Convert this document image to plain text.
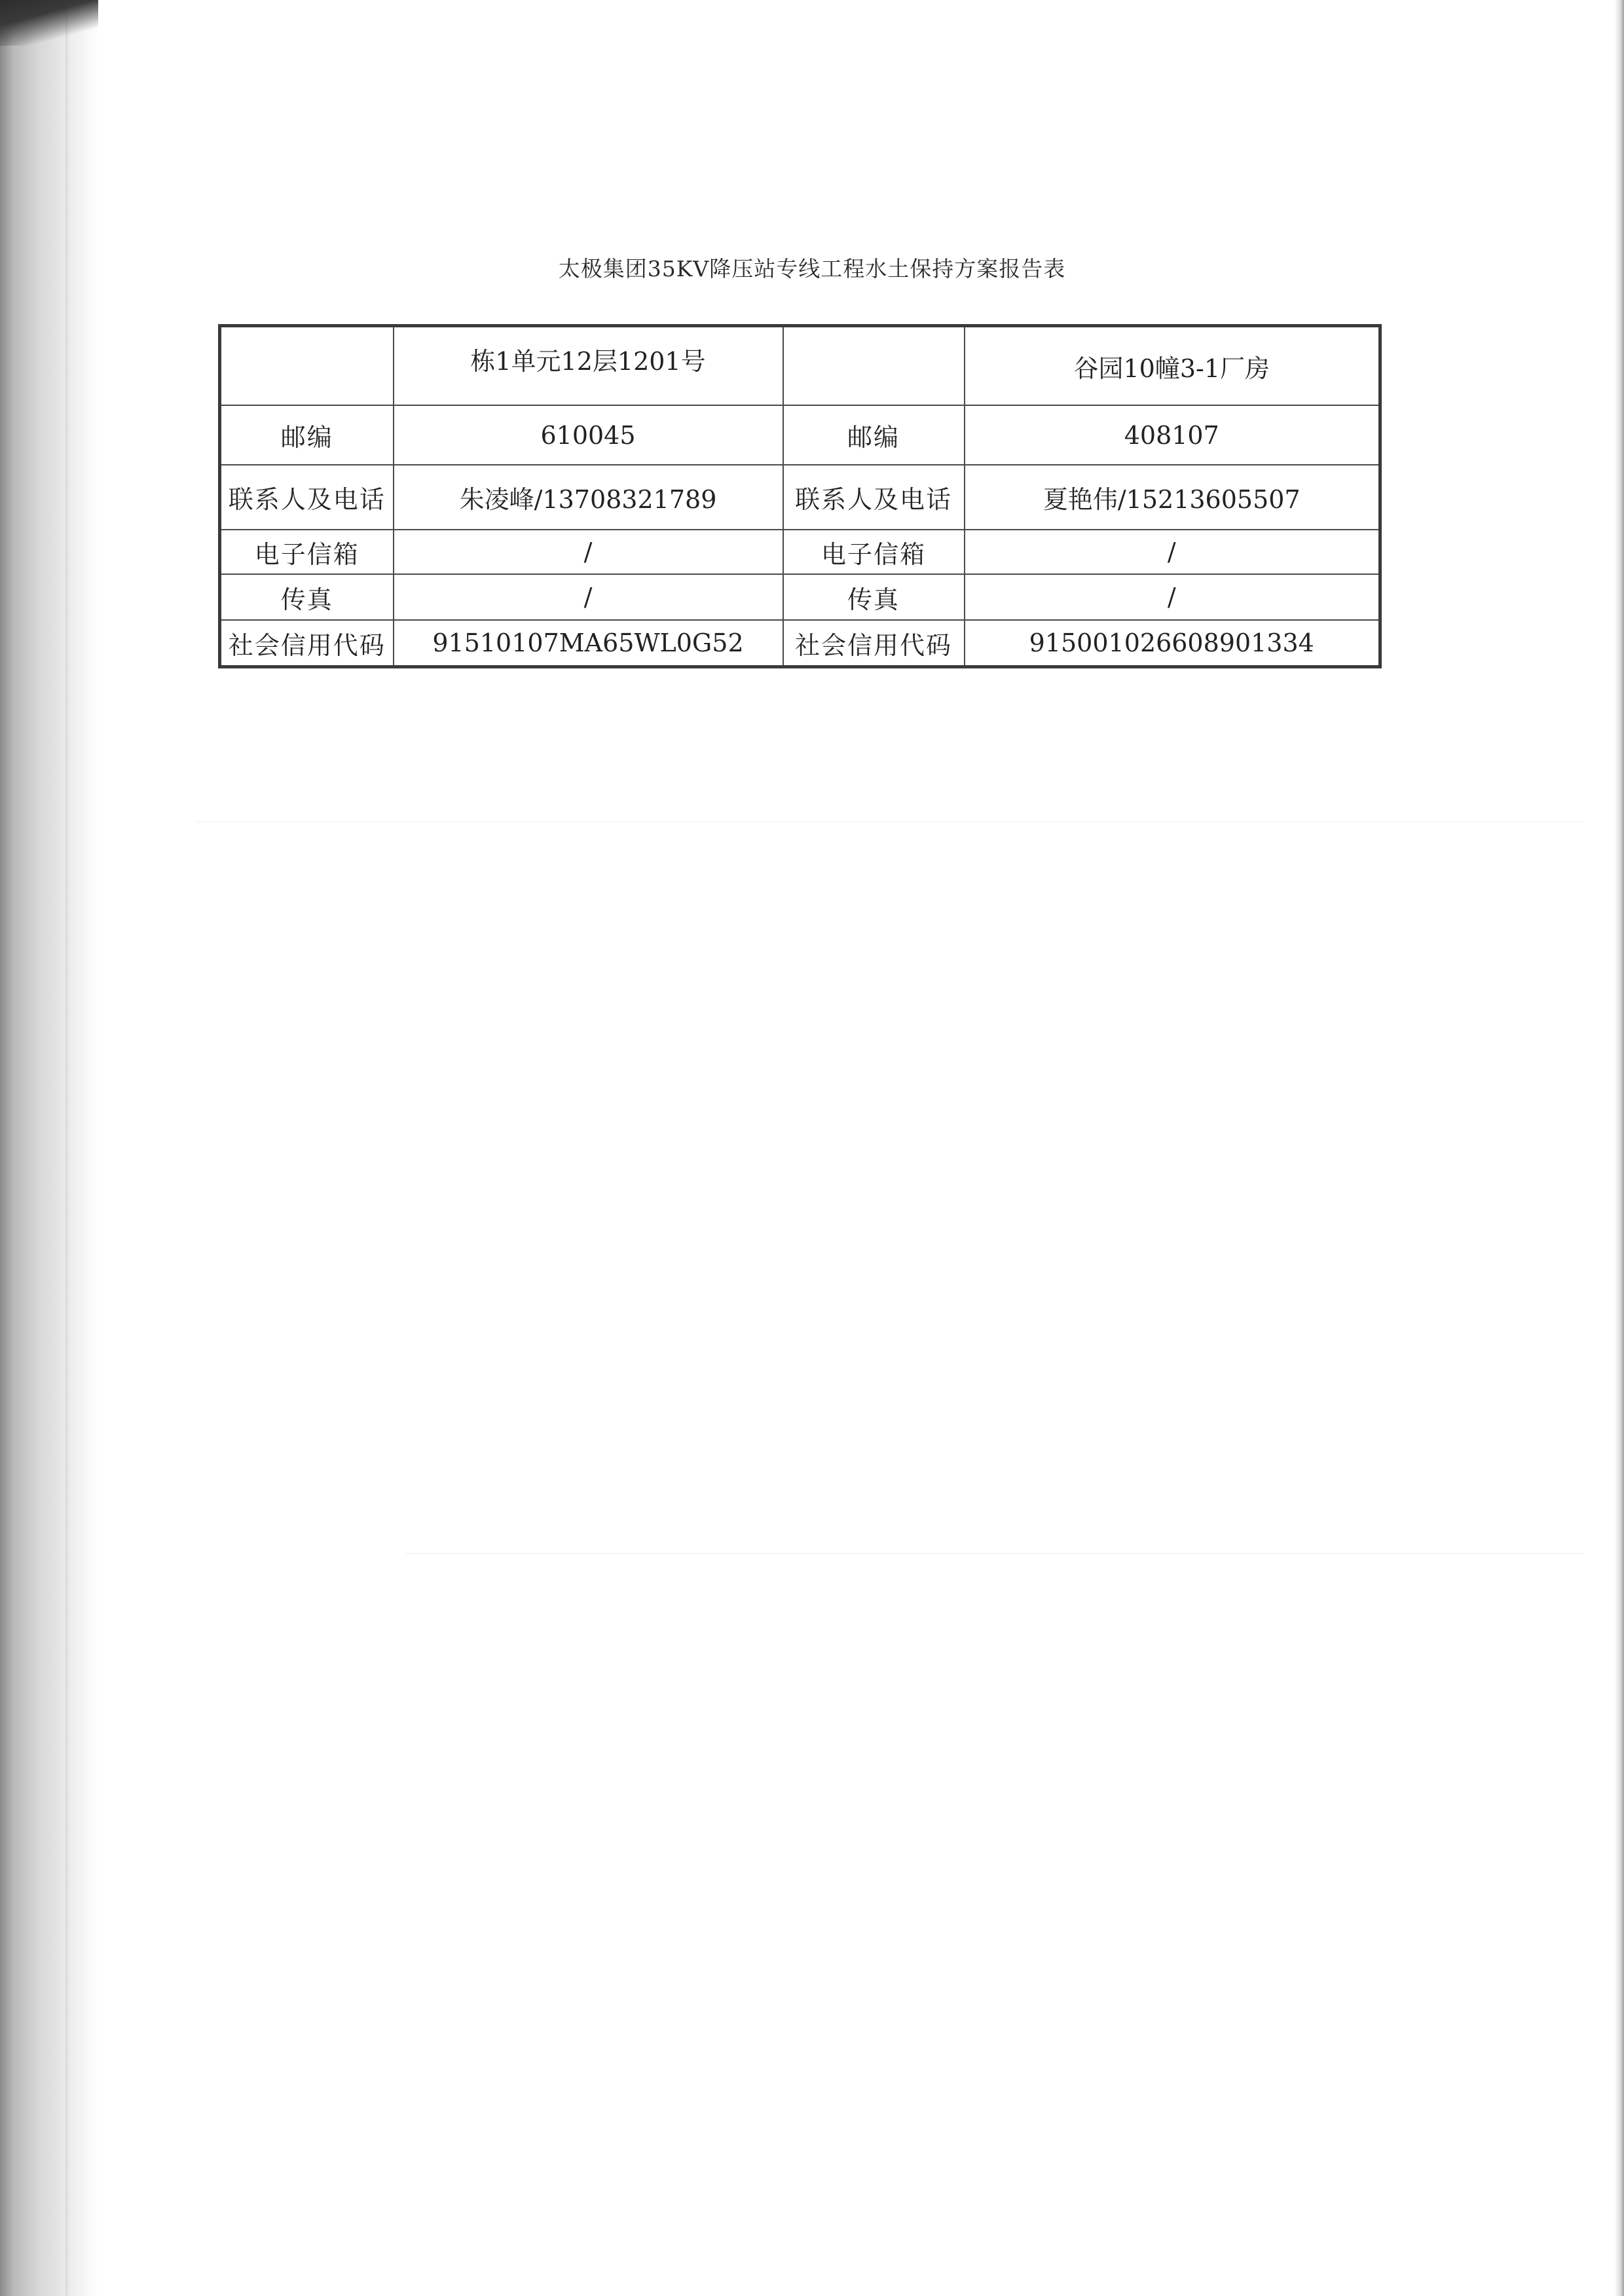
太极集团35KV降压站专线工程水土保持方案报告表
	栋1单元12层1201号		谷园10幢3-1厂房
邮编	610045	邮编	408107
联系人及电话	朱凌峰/13708321789	联系人及电话	夏艳伟/15213605507
电子信箱	/	电子信箱	/
传真	/	传真	/
社会信用代码	91510107MA65WL0G52	社会信用代码	915001026608901334
